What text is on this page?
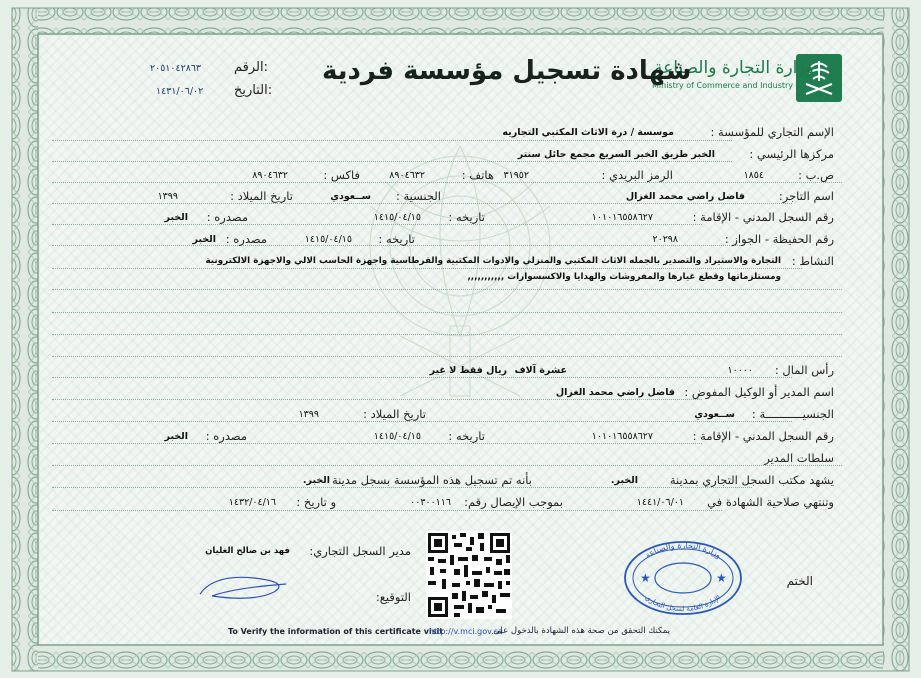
وزارة التجارة والصناعة
Ministry of Commerce and Industry
شهادة تسجيل مؤسسة فردية
الرقم:
٢٠٥١٠٤٢٨٦٣
التاريخ:
١٤٣١/٠٦/٠٢
الإسم التجاري للمؤسسة :
موسسة / درة الاثاث المكتبي التجاريه
مركزها الرئيسي :
الخبر طريق الخبر السريع مجمع حائل سنتر
ص.ب :
١٨٥٤
الرمز البريدي :
٣١٩٥٢
هاتف :
٨٩٠٤٦٣٢
فاكس :
٨٩٠٤٦٣٢
اسم التاجر:
فاضل راضي محمد الغزال
الجنسية :
ســعودي
تاريخ الميلاد :
١٣٩٩
رقم السجل المدني - الإقامة :
١٠١٠١٦٥٥٨٦٢٧
تاريخه :
١٤١٥/٠٤/١٥
مصدره :
الخبر
رقم الحفيظة - الجواز :
٢٠٢٩٨
تاريخه :
١٤١٥/٠٤/١٥
مصدره :
الخبر
النشاط :
التجارة والاستيراد والتصدير بالجمله الاثاث المكتبي والمنزلي والادوات المكتبية والقرطاسية واجهزة الحاسب الالي والاجهزة الالكترونية
ومستلزماتها وقطع غيارها والمفروشات والهدايا والاكسسوارات ,,,,,,,,,,,
رأس المال :
١٠٠٠٠
عشرة آلاف
ريال فقط لا غير
اسم المدير أو الوكيل المفوض :
فاضل راضي محمد الغزال
الجنسيـــــــــــة :
ســعودي
تاريخ الميلاد :
١٣٩٩
رقم السجل المدني - الإقامة :
١٠١٠١٦٥٥٨٦٢٧
تاريخه :
١٤١٥/٠٤/١٥
مصدره :
الخبر
سلطات المدير
يشهد مكتب السجل التجاري بمدينة
الخبر.
بأنه تم تسجيل هذه المؤسسة بسجل مدينة
الخبر.
وتنتهي صلاحية الشهادة في
١٤٤١/٠٦/٠١
بموجب الإيصال رقم:
٠٠٣٠٠١١٦
و تاريخ :
١٤٣٢/٠٤/١٦
مدير السجل التجاري:
فهد بن صالح الغليان
التوقيع:
الختم
وزارة التجارة والصناعة
الإدارة العامة لسجل التجاري
★	★
To Verify the information of this certificate visit
http://v.mci.gov.sa
يمكنك التحقق من صحة هذه الشهادة بالدخول على
